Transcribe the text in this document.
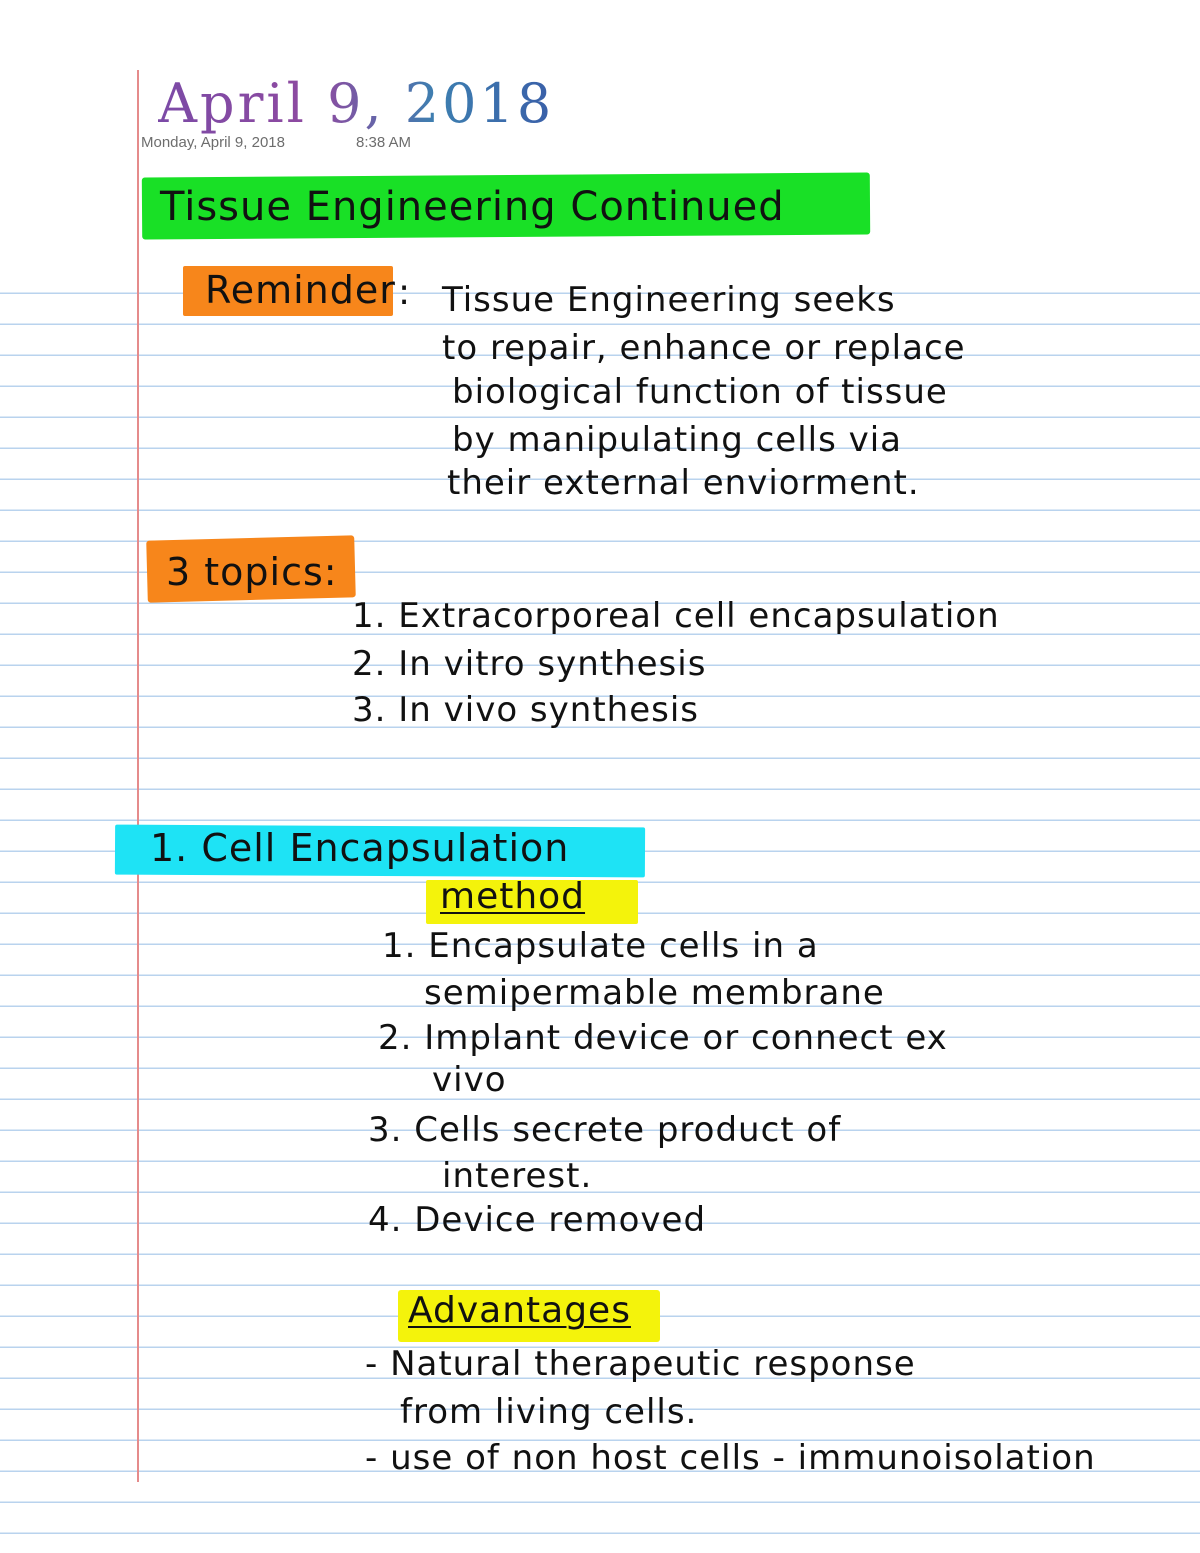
April 9, 2018
Monday, April 9, 2018	8:38 AM
Tissue Engineering Continued
Reminder : Tissue Engineering seeks
to repair, enhance or replace
biological function of tissue
by manipulating cells via
their external enviorment.
3 topics:
1. Extracorporeal cell encapsulation
2. In vitro synthesis
3. In vivo synthesis
1. Cell Encapsulation
method
1. Encapsulate cells in a
semipermable membrane
2. Implant device or connect ex
vivo
3. Cells secrete product of
interest.
4. Device removed
Advantages
- Natural therapeutic response
from living cells.
- use of non host cells - immunoisolation
